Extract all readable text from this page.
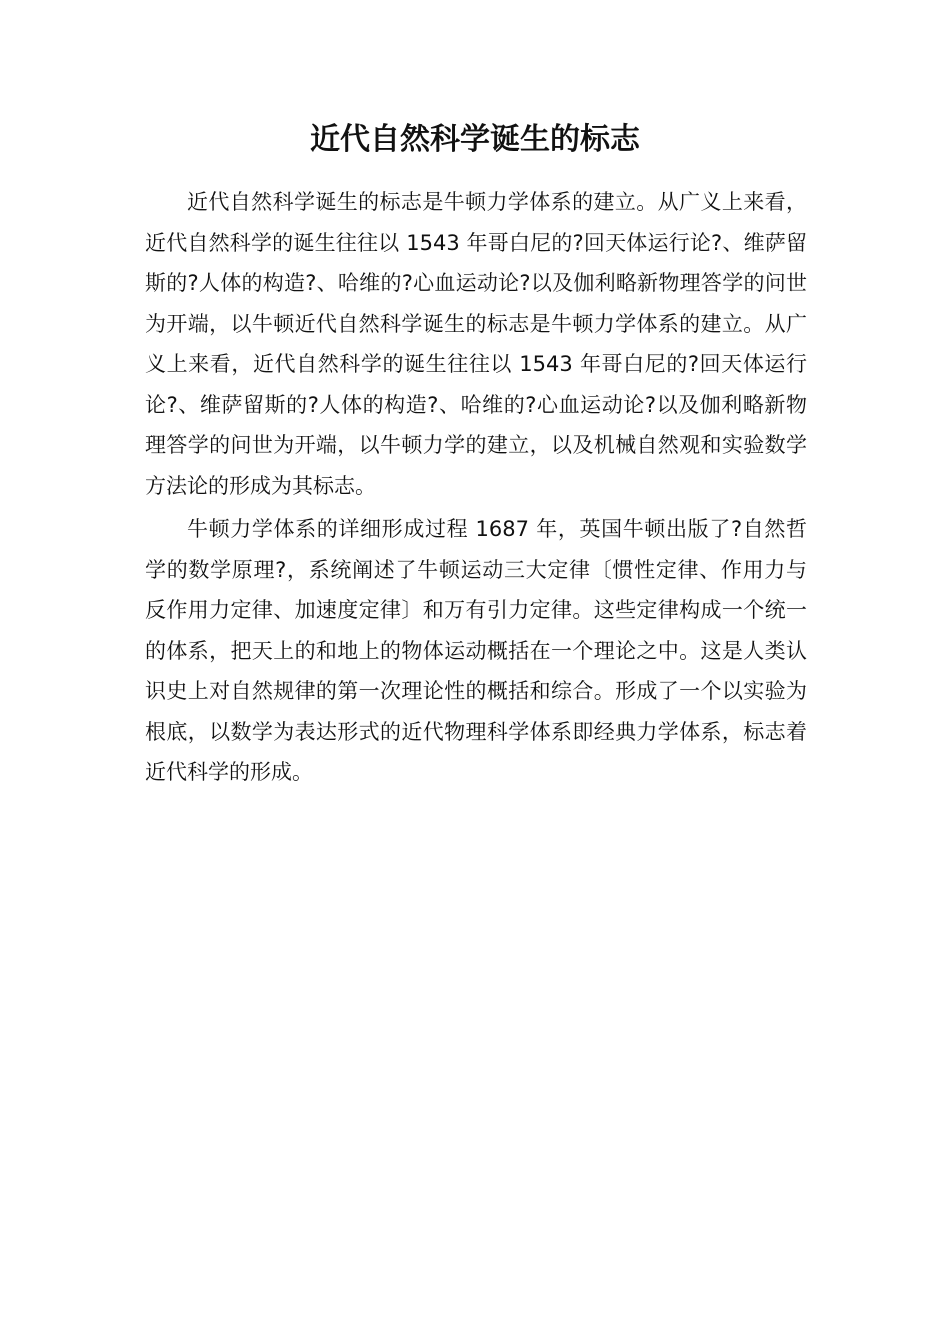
近代自然科学诞生的标志

近代自然科学诞生的标志是牛顿力学体系的建立。从广义上来看，近代自然科学的诞生往往以 1543 年哥白尼的?回天体运行论?、维萨留斯的?人体的构造?、哈维的?心血运动论?以及伽利略新物理答学的问世为开端，以牛顿近代自然科学诞生的标志是牛顿力学体系的建立。从广义上来看，近代自然科学的诞生往往以 1543 年哥白尼的?回天体运行论?、维萨留斯的?人体的构造?、哈维的?心血运动论?以及伽利略新物理答学的问世为开端，以牛顿力学的建立，以及机械自然观和实验数学方法论的形成为其标志。

牛顿力学体系的详细形成过程 1687 年，英国牛顿出版了?自然哲学的数学原理?，系统阐述了牛顿运动三大定律〔惯性定律、作用力与反作用力定律、加速度定律〕和万有引力定律。这些定律构成一个统一的体系，把天上的和地上的物体运动概括在一个理论之中。这是人类认识史上对自然规律的第一次理论性的概括和综合。形成了一个以实验为根底，以数学为表达形式的近代物理科学体系即经典力学体系，标志着近代科学的形成。
